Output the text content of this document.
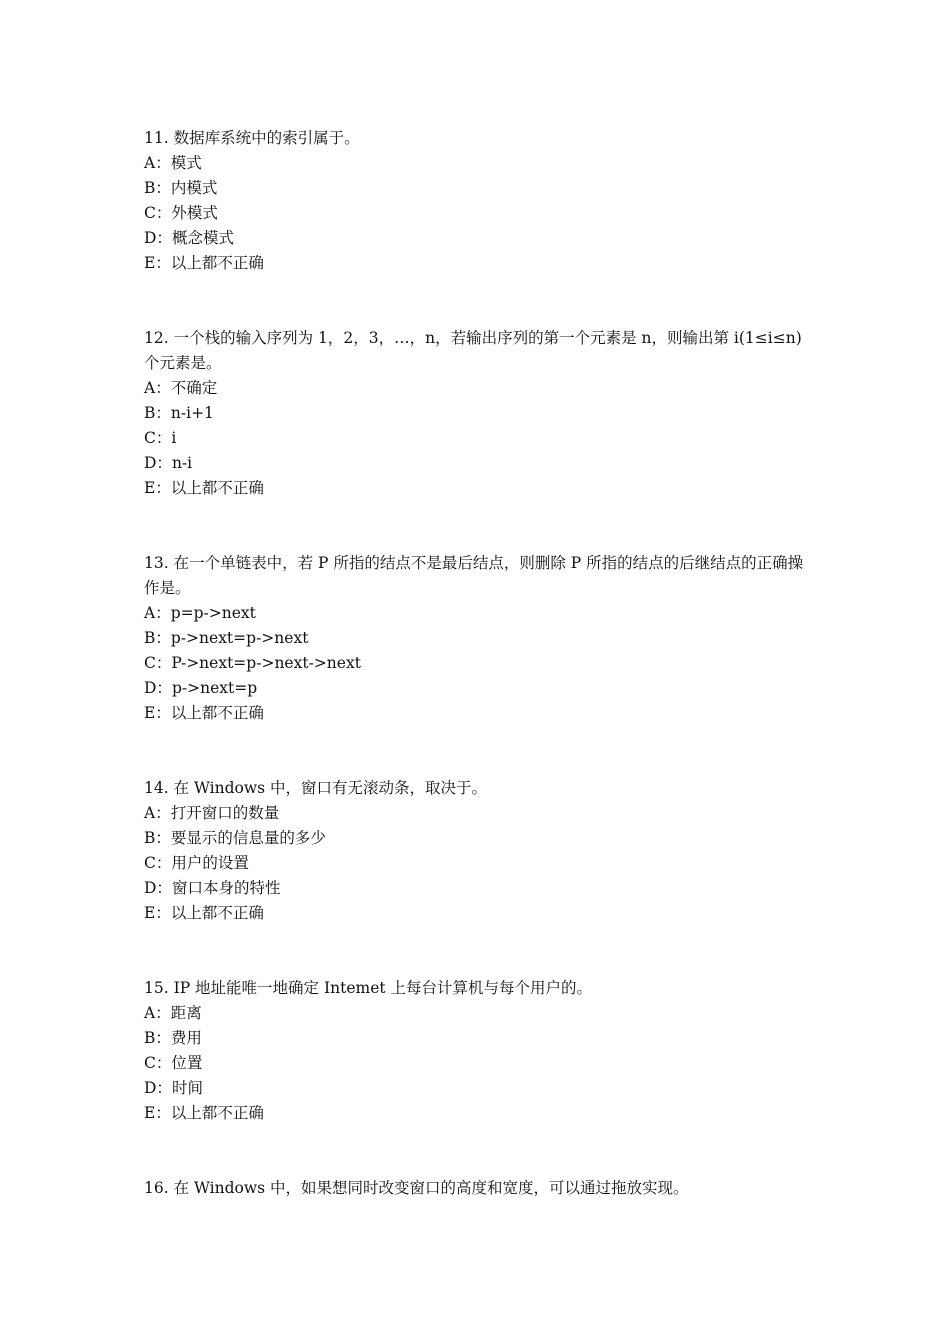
11. 数据库系统中的索引属于。

A：模式

B：内模式

C：外模式

D：概念模式

E：以上都不正确

12. 一个栈的输入序列为 1，2，3，…，n，若输出序列的第一个元素是 n，则输出第 i(1≤i≤n)个元素是。

A：不确定

B：n-i+1

C：i

D：n-i

E：以上都不正确

13. 在一个单链表中，若 P 所指的结点不是最后结点，则删除 P 所指的结点的后继结点的正确操作是。

A：p=p->next

B：p->next=p->next

C：P->next=p->next->next

D：p->next=p

E：以上都不正确

14. 在 Windows 中，窗口有无滚动条，取决于。

A：打开窗口的数量

B：要显示的信息量的多少

C：用户的设置

D：窗口本身的特性

E：以上都不正确

15. IP 地址能唯一地确定 Intemet 上每台计算机与每个用户的。

A：距离

B：费用

C：位置

D：时间

E：以上都不正确

16. 在 Windows 中，如果想同时改变窗口的高度和宽度，可以通过拖放实现。
